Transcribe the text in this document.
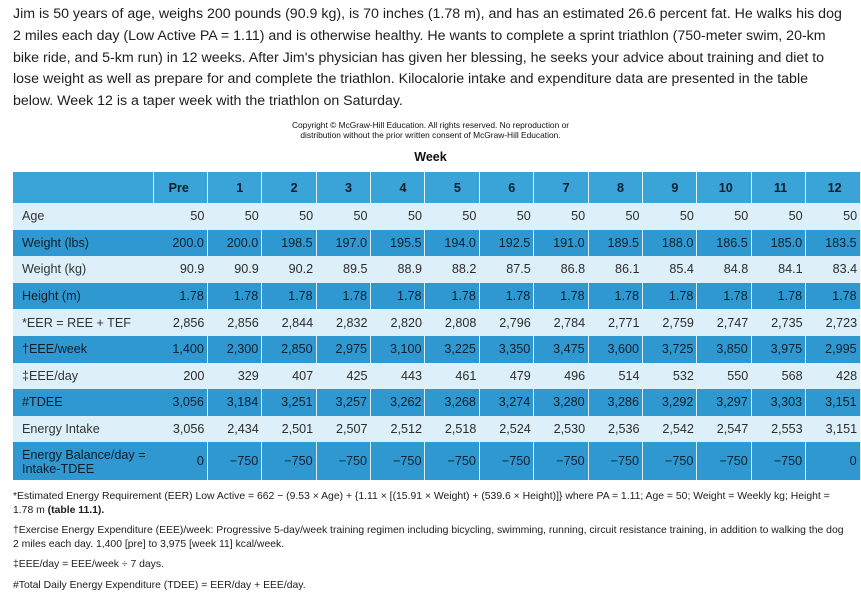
Jim is 50 years of age, weighs 200 pounds (90.9 kg), is 70 inches (1.78 m), and has an estimated 26.6 percent fat. He walks his dog 2 miles each day (Low Active PA = 1.11) and is otherwise healthy. He wants to complete a sprint triathlon (750-meter swim, 20-km bike ride, and 5-km run) in 12 weeks. After Jim's physician has given her blessing, he seeks your advice about training and diet to lose weight as well as prepare for and complete the triathlon. Kilocalorie intake and expenditure data are presented in the table below. Week 12 is a taper week with the triathlon on Saturday.
Copyright © McGraw-Hill Education. All rights reserved. No reproduction or
distribution without the prior written consent of McGraw-Hill Education.
Week
	Pre	1	2	3	4	5	6	7	8	9	10	11	12
Age	50	50	50	50	50	50	50	50	50	50	50	50	50
Weight (lbs)	200.0	200.0	198.5	197.0	195.5	194.0	192.5	191.0	189.5	188.0	186.5	185.0	183.5
Weight (kg)	90.9	90.9	90.2	89.5	88.9	88.2	87.5	86.8	86.1	85.4	84.8	84.1	83.4
Height (m)	1.78	1.78	1.78	1.78	1.78	1.78	1.78	1.78	1.78	1.78	1.78	1.78	1.78
*EER = REE + TEF	2,856	2,856	2,844	2,832	2,820	2,808	2,796	2,784	2,771	2,759	2,747	2,735	2,723
†EEE/week	1,400	2,300	2,850	2,975	3,100	3,225	3,350	3,475	3,600	3,725	3,850	3,975	2,995
‡EEE/day	200	329	407	425	443	461	479	496	514	532	550	568	428
#TDEE	3,056	3,184	3,251	3,257	3,262	3,268	3,274	3,280	3,286	3,292	3,297	3,303	3,151
Energy Intake	3,056	2,434	2,501	2,507	2,512	2,518	2,524	2,530	2,536	2,542	2,547	2,553	3,151
Energy Balance/day = Intake-TDEE	0	−750	−750	−750	−750	−750	−750	−750	−750	−750	−750	−750	0

*Estimated Energy Requirement (EER) Low Active = 662 − (9.53 × Age) + {1.11 × [(15.91 × Weight) + (539.6 × Height)]} where PA = 1.11; Age = 50; Weight = Weekly kg; Height = 1.78 m (table 11.1).

†Exercise Energy Expenditure (EEE)/week: Progressive 5-day/week training regimen including bicycling, swimming, running, circuit resistance training, in addition to walking the dog 2 miles each day. 1,400 [pre] to 3,975 [week 11] kcal/week.

‡EEE/day = EEE/week ÷ 7 days.

#Total Daily Energy Expenditure (TDEE) = EER/day + EEE/day.
